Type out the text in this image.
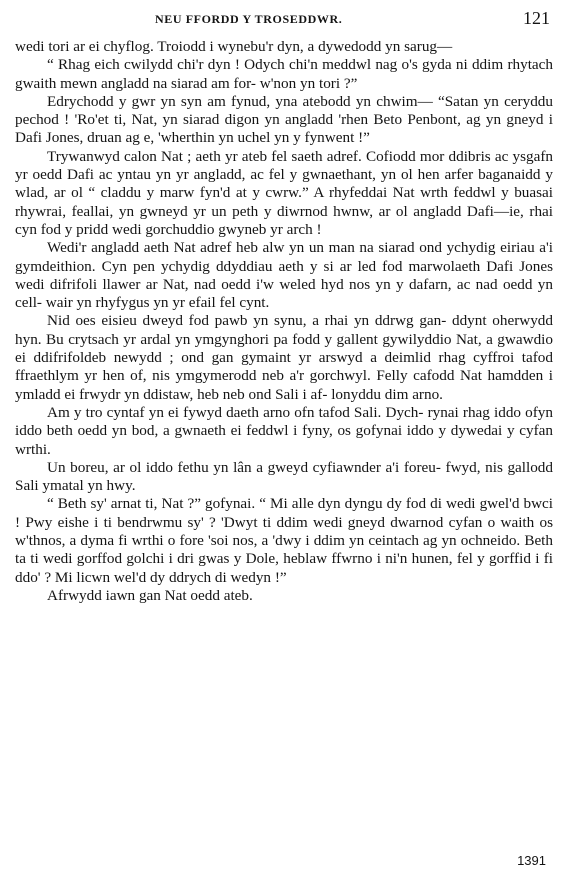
NEU FFORDD Y TROSEDDWR.	121

wedi tori ar ei chyflog. Troiodd i wynebu'r dyn, a dywedodd yn sarug—

“ Rhag eich cwilydd chi'r dyn ! Odych chi'n meddwl nag o's gyda ni ddim rhytach gwaith mewn angladd na siarad am for- w'non yn tori ?”

Edrychodd y gwr yn syn am fynud, yna atebodd yn chwim— “Satan yn ceryddu pechod ! 'Ro'et ti, Nat, yn siarad digon yn angladd 'rhen Beto Penbont, ag yn gneyd i Dafi Jones, druan ag e, 'wherthin yn uchel yn y fynwent !”

Trywanwyd calon Nat ; aeth yr ateb fel saeth adref. Cofiodd mor ddibris ac ysgafn yr oedd Dafi ac yntau yn yr angladd, ac fel y gwnaethant, yn ol hen arfer baganaidd y wlad, ar ol “ claddu y marw fyn'd at y cwrw.” A rhyfeddai Nat wrth feddwl y buasai rhywrai, feallai, yn gwneyd yr un peth y diwrnod hwnw, ar ol angladd Dafi—ie, rhai cyn fod y pridd wedi gorchuddio gwyneb yr arch !

Wedi'r angladd aeth Nat adref heb alw yn un man na siarad ond ychydig eiriau a'i gymdeithion. Cyn pen ychydig ddyddiau aeth y si ar led fod marwolaeth Dafi Jones wedi difrifoli llawer ar Nat, nad oedd i'w weled hyd nos yn y dafarn, ac nad oedd yn cell- wair yn rhyfygus yn yr efail fel cynt.

Nid oes eisieu dweyd fod pawb yn synu, a rhai yn ddrwg gan- ddynt oherwydd hyn. Bu crytsach yr ardal yn ymgynghori pa fodd y gallent gywilyddio Nat, a gwawdio ei ddifrifoldeb newydd ; ond gan gymaint yr arswyd a deimlid rhag cyffroi tafod ffraethlym yr hen of, nis ymgymerodd neb a'r gorchwyl. Felly cafodd Nat hamdden i ymladd ei frwydr yn ddistaw, heb neb ond Sali i af- lonyddu dim arno.

Am y tro cyntaf yn ei fywyd daeth arno ofn tafod Sali. Dych- rynai rhag iddo ofyn iddo beth oedd yn bod, a gwnaeth ei feddwl i fyny, os gofynai iddo y dywedai y cyfan wrthi.

Un boreu, ar ol iddo fethu yn lân a gweyd cyfiawnder a'i foreu- fwyd, nis gallodd Sali ymatal yn hwy.

“ Beth sy' arnat ti, Nat ?” gofynai. “ Mi alle dyn dyngu dy fod di wedi gwel'd bwci ! Pwy eishe i ti bendrwmu sy' ? 'Dwyt ti ddim wedi gneyd dwarnod cyfan o waith os w'thnos, a dyma fi wrthi o fore 'soi nos, a 'dwy i ddim yn ceintach ag yn ochneido. Beth ta ti wedi gorffod golchi i dri gwas y Dole, heblaw ffwrno i ni'n hunen, fel y gorffid i fi ddo' ? Mi licwn wel'd dy ddrych di wedyn !”

Afrwydd iawn gan Nat oedd ateb.

1391
